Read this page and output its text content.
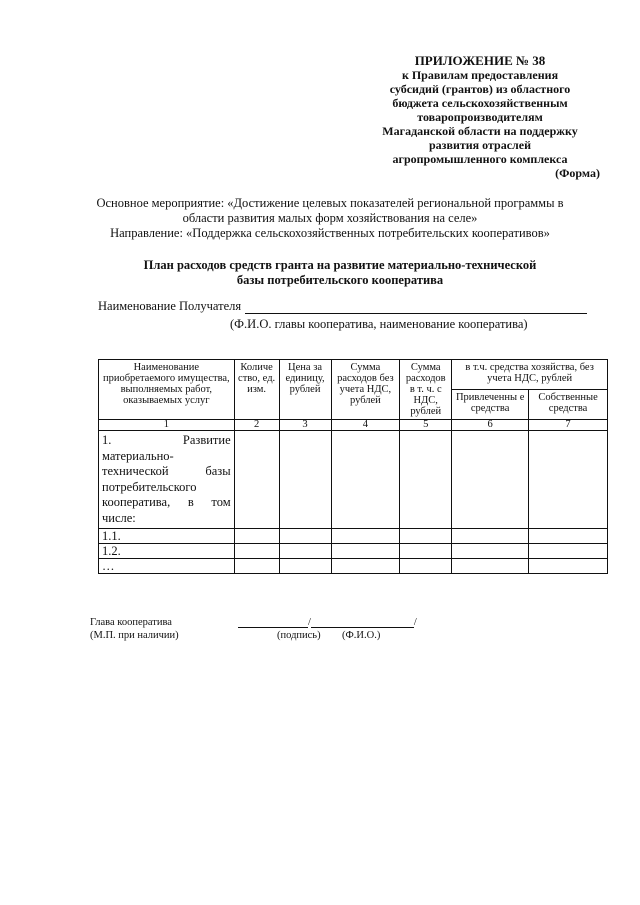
ПРИЛОЖЕНИЕ № 38
к Правилам предоставления
субсидий (грантов) из областного
бюджета сельскохозяйственным
товаропроизводителям
Магаданской области на поддержку
развития отраслей
агропромышленного комплекса
(Форма)
Основное мероприятие: «Достижение целевых показателей региональной программы в
области развития малых форм хозяйствования на селе»
Направление: «Поддержка сельскохозяйственных потребительских кооперативов»
План расходов средств гранта на развитие материально-технической
базы потребительского кооператива
Наименование Получателя
(Ф.И.О. главы кооператива, наименование кооператива)
Наименование приобретаемого имущества, выполняемых работ, оказываемых услуг	Количе ство, ед. изм.	Цена за единицу, рублей	Сумма расходов без учета НДС, рублей	Сумма расходов в т. ч. с НДС, рублей	в т.ч. средства хозяйства, без учета НДС, рублей	
					Привлеченны е средства	Собственные средства
1	2	3	4	5	6	7
1. Развитие материально-технической базы потребительского кооператива, в том числе:						
1.1.						
1.2.						
…						
Глава кооператива
(М.П. при наличии)
/	/
(подпись) (Ф.И.О.)
